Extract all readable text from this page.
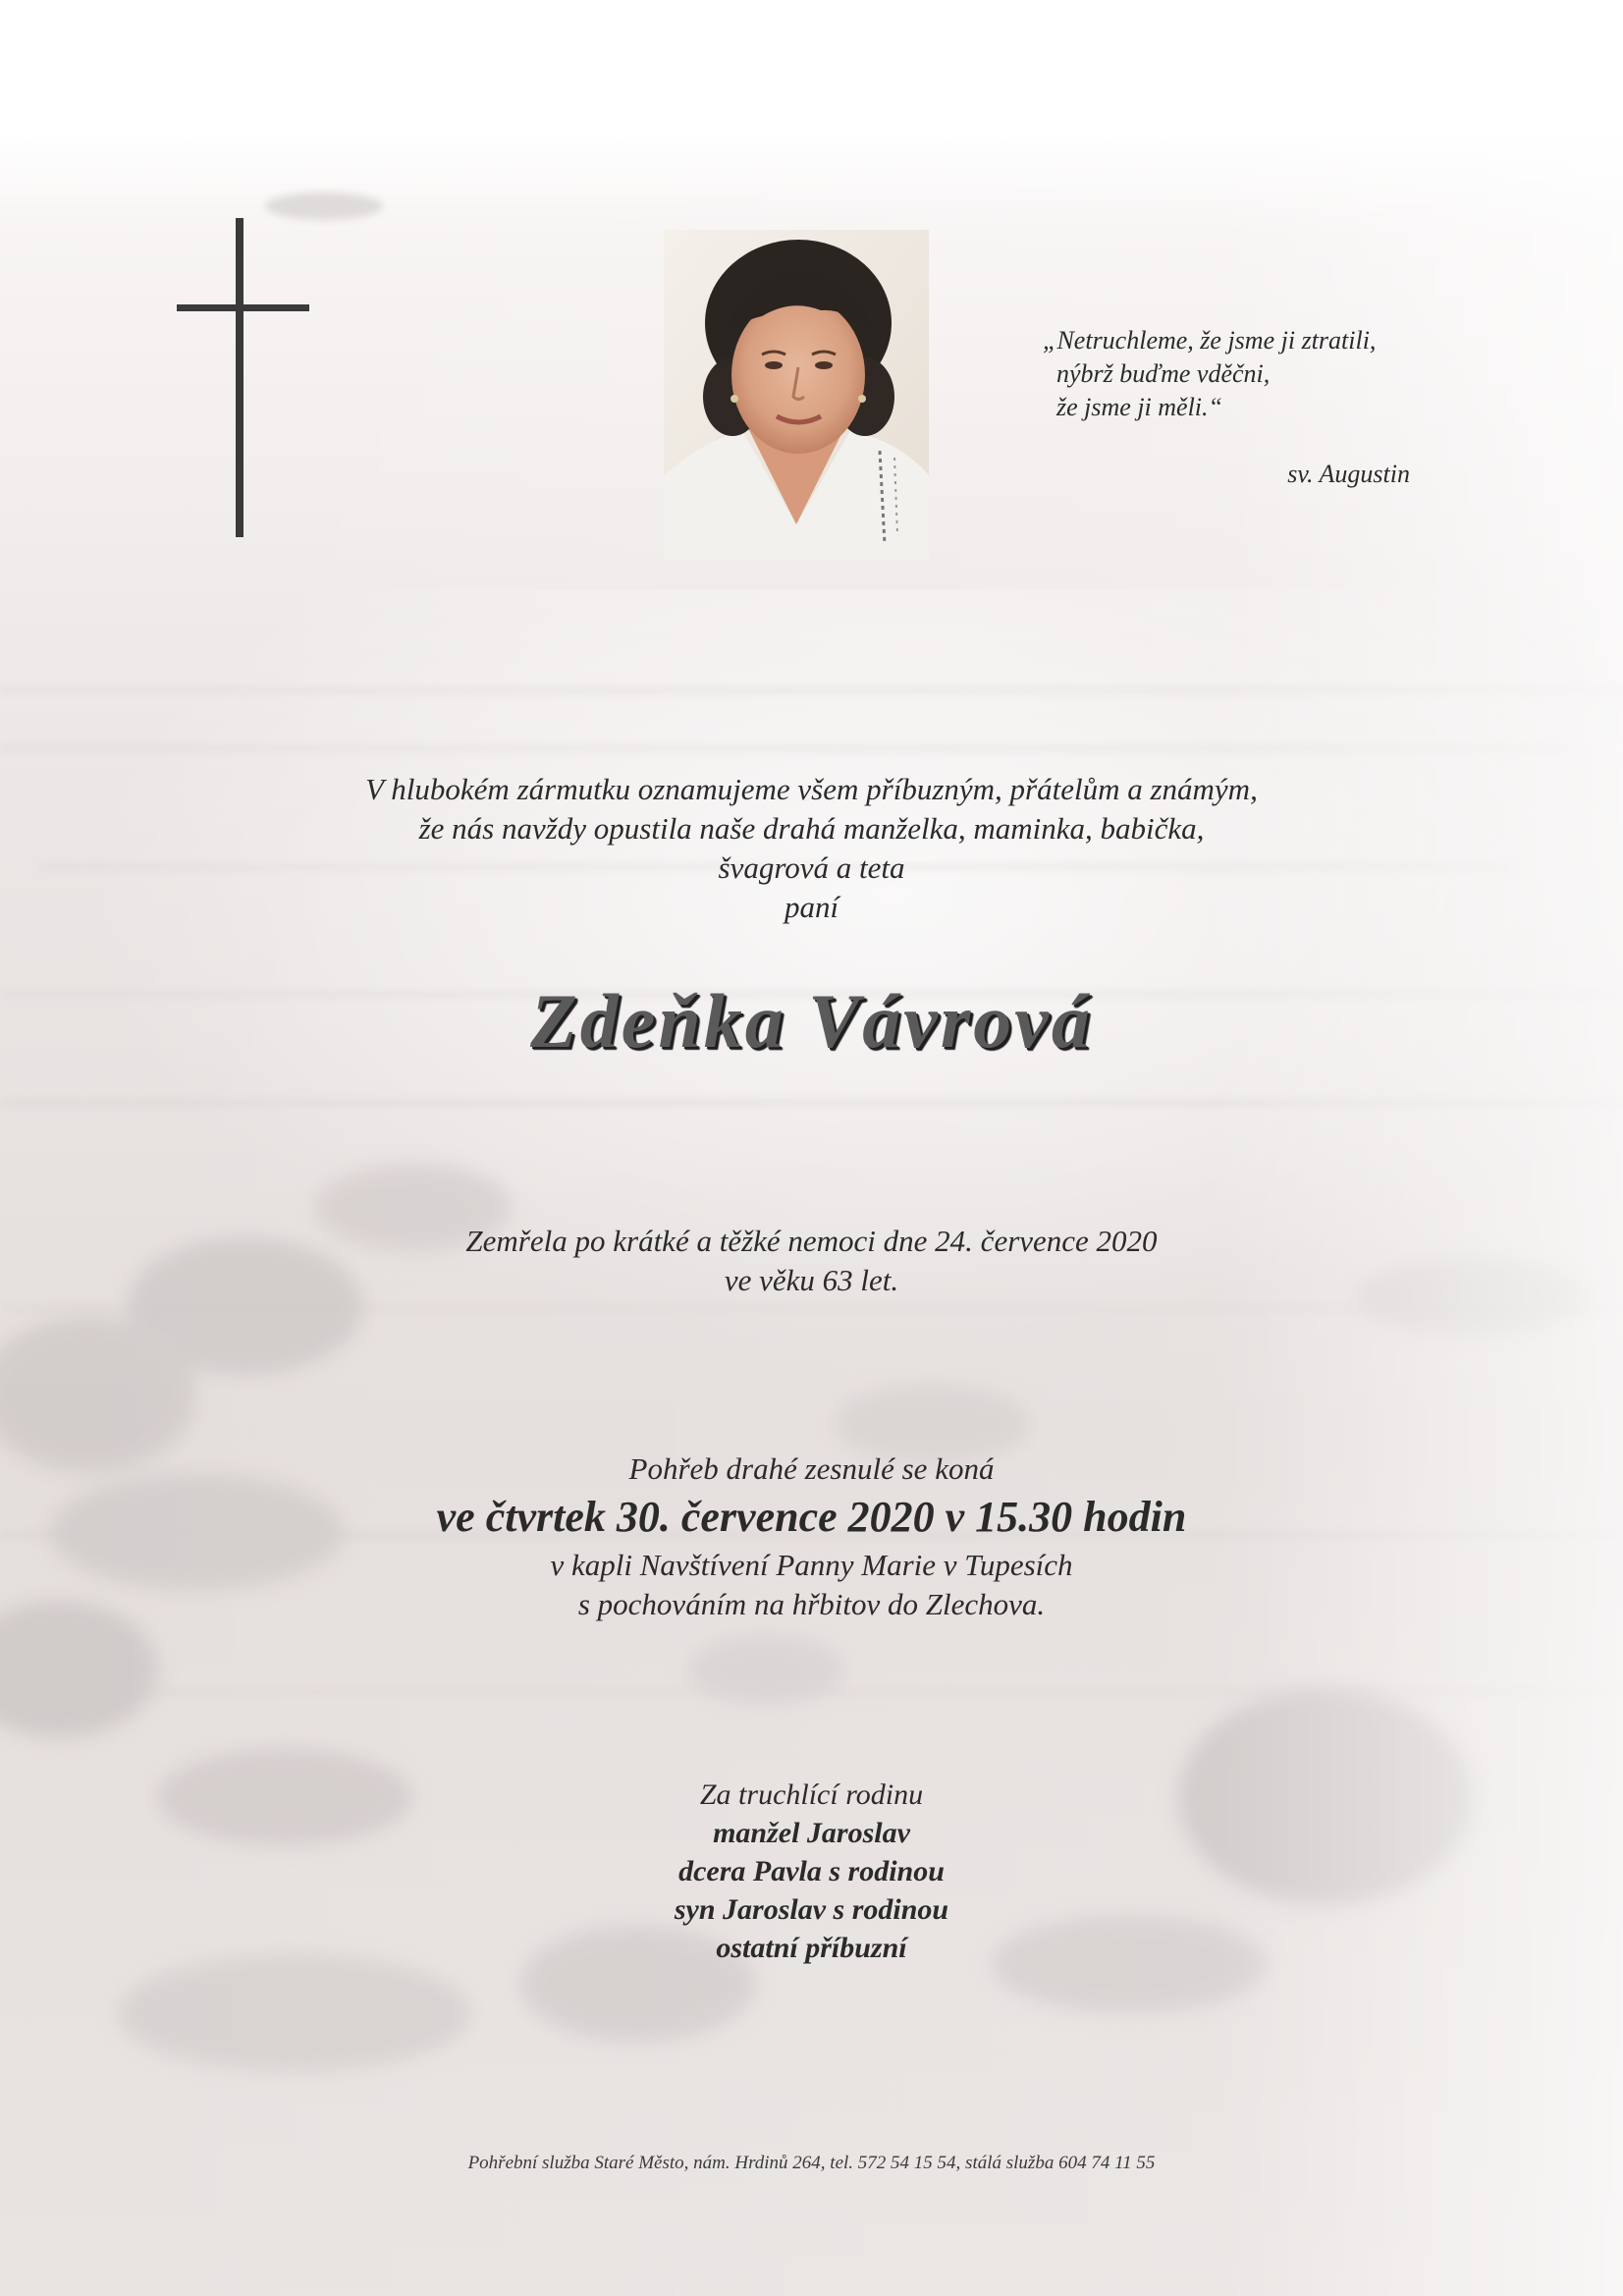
„Netruchleme, že jsme ji ztratili,
nýbrž buďme vděčni,
že jsme ji měli.“
sv. Augustin
V hlubokém zármutku oznamujeme všem příbuzným, přátelům a známým,
že nás navždy opustila naše drahá manželka, maminka, babička,
švagrová a teta
paní
Zdeňka Vávrová
Zemřela po krátké a těžké nemoci dne 24. července 2020
ve věku 63 let.
Pohřeb drahé zesnulé se koná
ve čtvrtek 30. července 2020 v 15.30 hodin
v kapli Navštívení Panny Marie v Tupesích
s pochováním na hřbitov do Zlechova.
Za truchlící rodinu
manžel Jaroslav
dcera Pavla s rodinou
syn Jaroslav s rodinou
ostatní příbuzní
Pohřební služba Staré Město, nám. Hrdinů 264, tel. 572 54 15 54, stálá služba 604 74 11 55
